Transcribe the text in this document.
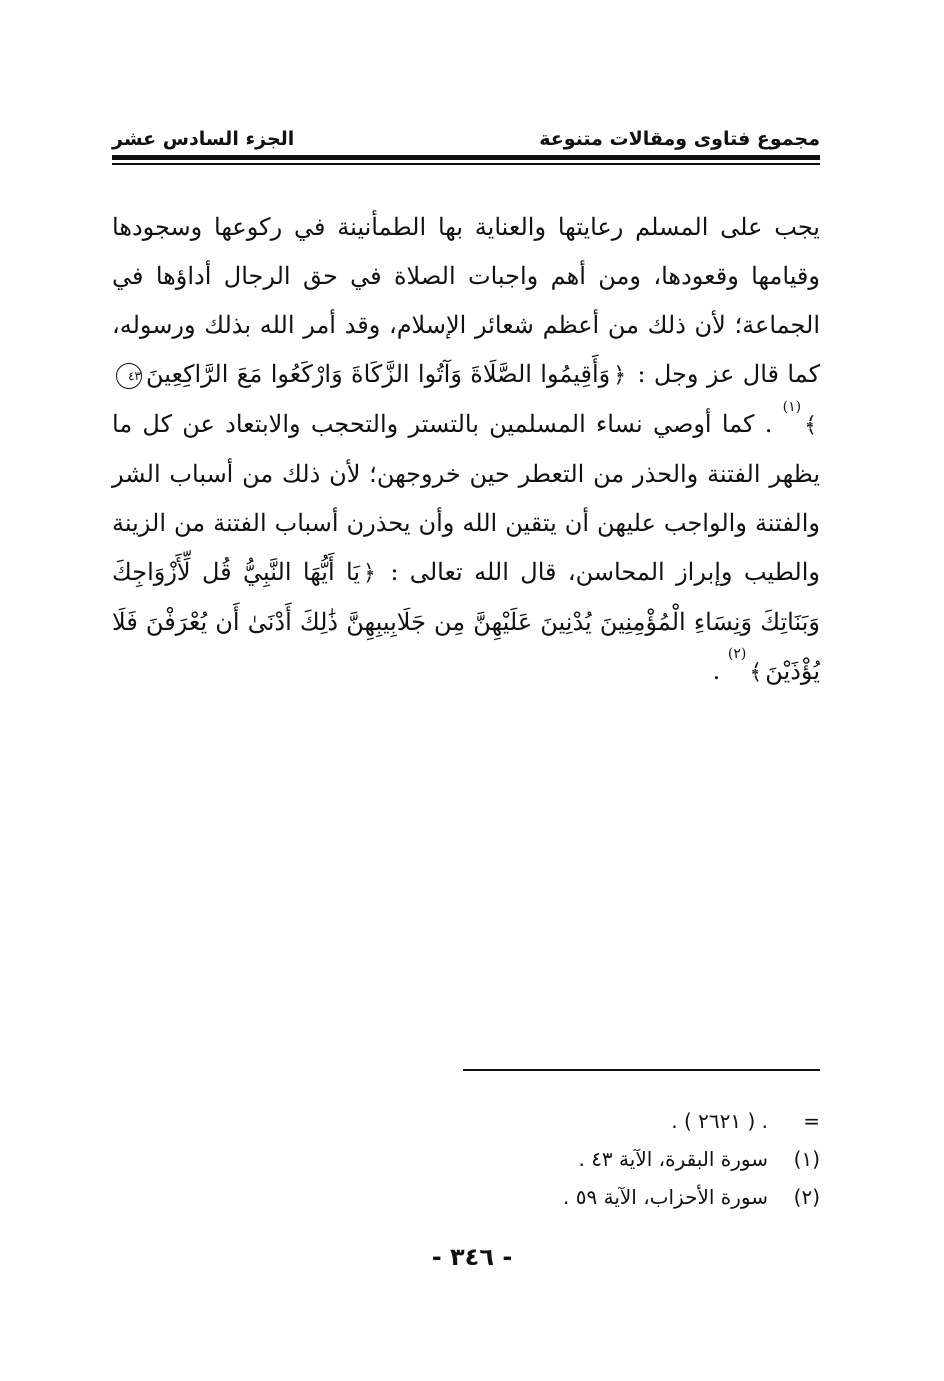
مجموع فتاوى ومقالات متنوعة
الجزء السادس عشر

يجب على المسلم رعايتها والعناية بها الطمأنينة في ركوعها وسجودها وقيامها وقعودها، ومن أهم واجبات الصلاة في حق الرجال أداؤها في الجماعة؛ لأن ذلك من أعظم شعائر الإسلام، وقد أمر الله بذلك ورسوله، كما قال عز وجل : ﴿وَأَقِيمُوا الصَّلَاةَ وَآتُوا الزَّكَاةَ وَارْكَعُوا مَعَ الرَّاكِعِينَ٤٣﴾$^{(١)}$ . كما أوصي نساء المسلمين بالتستر والتحجب والابتعاد عن كل ما يظهر الفتنة والحذر من التعطر حين خروجهن؛ لأن ذلك من أسباب الشر والفتنة والواجب عليهن أن يتقين الله وأن يحذرن أسباب الفتنة من الزينة والطيب وإبراز المحاسن، قال الله تعالى : ﴿يَا أَيُّهَا النَّبِيُّ قُل لِّأَزْوَاجِكَ وَبَنَاتِكَ وَنِسَاءِ الْمُؤْمِنِينَ يُدْنِينَ عَلَيْهِنَّ مِن جَلَابِيبِهِنَّ ذَٰلِكَ أَدْنَىٰ أَن يُعْرَفْنَ فَلَا يُؤْذَيْنَ﴾$^{(٢)}$ .

=
. ( ٢٦٢١ ) .
(١)
سورة البقرة، الآية ٤٣ .
(٢)
سورة الأحزاب، الآية ٥٩ .
- ٣٤٦ -
